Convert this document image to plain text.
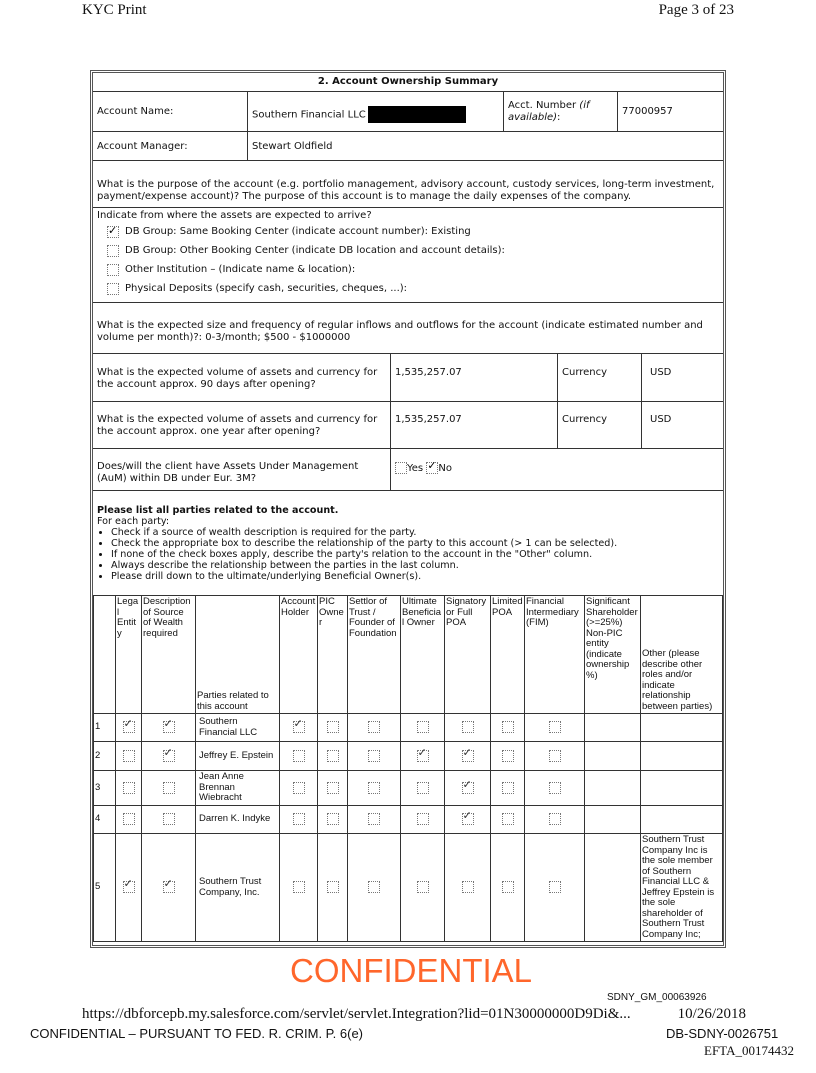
KYC Print	Page 3 of 23
2. Account Ownership Summary
Account Name:	Southern Financial LLC
Acct. Number (if available):
77000957
Account Manager:	Stewart Oldfield
What is the purpose of the account (e.g. portfolio management, advisory account, custody services, long-term investment, payment/expense account)? The purpose of this account is to manage the daily expenses of the company.
Indicate from where the assets are expected to arrive?
✓
DB Group: Same Booking Center (indicate account number): Existing
DB Group: Other Booking Center (indicate DB location and account details):
Other Institution – (Indicate name & location):
Physical Deposits (specify cash, securities, cheques, ...):
What is the expected size and frequency of regular inflows and outflows for the account (indicate estimated number and volume per month)?: 0-3/month; $500 - $1000000
What is the expected volume of assets and currency for the account approx. 90 days after opening?
1,535,257.07	Currency	USD
What is the expected volume of assets and currency for the account approx. one year after opening?
1,535,257.07	Currency	USD
Does/will the client have Assets Under Management (AuM) within DB under Eur. 3M?
Yes ✓ No
Please list all parties related to the account.
For each party:
• Check if a source of wealth description is required for the party.
• Check the appropriate box to describe the relationship of the party to this account (> 1 can be selected).
• If none of the check boxes apply, describe the party's relation to the account in the "Other" column.
• Always describe the relationship between the parties in the last column.
• Please drill down to the ultimate/underlying Beneficial Owner(s).
	Legal Entity	Description of Source of Wealth required	Parties related to this account	Account Holder	PIC Owner	Settlor of Trust / Founder of Foundation	Ultimate Beneficial Owner	Signatory or Full POA	Limited POA	Financial Intermediary (FIM)	Significant Shareholder (>=25%) Non-PIC entity (indicate ownership %)	Other (please describe other roles and/or indicate relationship between parties)
1	✓	✓	Southern Financial LLC	✓								
2		✓	Jeffrey E. Epstein				✓	✓				
3			Jean Anne Brennan Wiebracht					✓				
4			Darren K. Indyke					✓				
5	✓	✓	Southern Trust Company, Inc.									Southern Trust Company Inc is the sole member of Southern Financial LLC & Jeffrey Epstein is the sole shareholder of Southern Trust Company Inc;
CONFIDENTIAL
SDNY_GM_00063926
https://dbforcepb.my.salesforce.com/servlet/servlet.Integration?lid=01N30000000D9Di&...	10/26/2018
CONFIDENTIAL – PURSUANT TO FED. R. CRIM. P. 6(e)	DB-SDNY-0026751
EFTA_00174432
